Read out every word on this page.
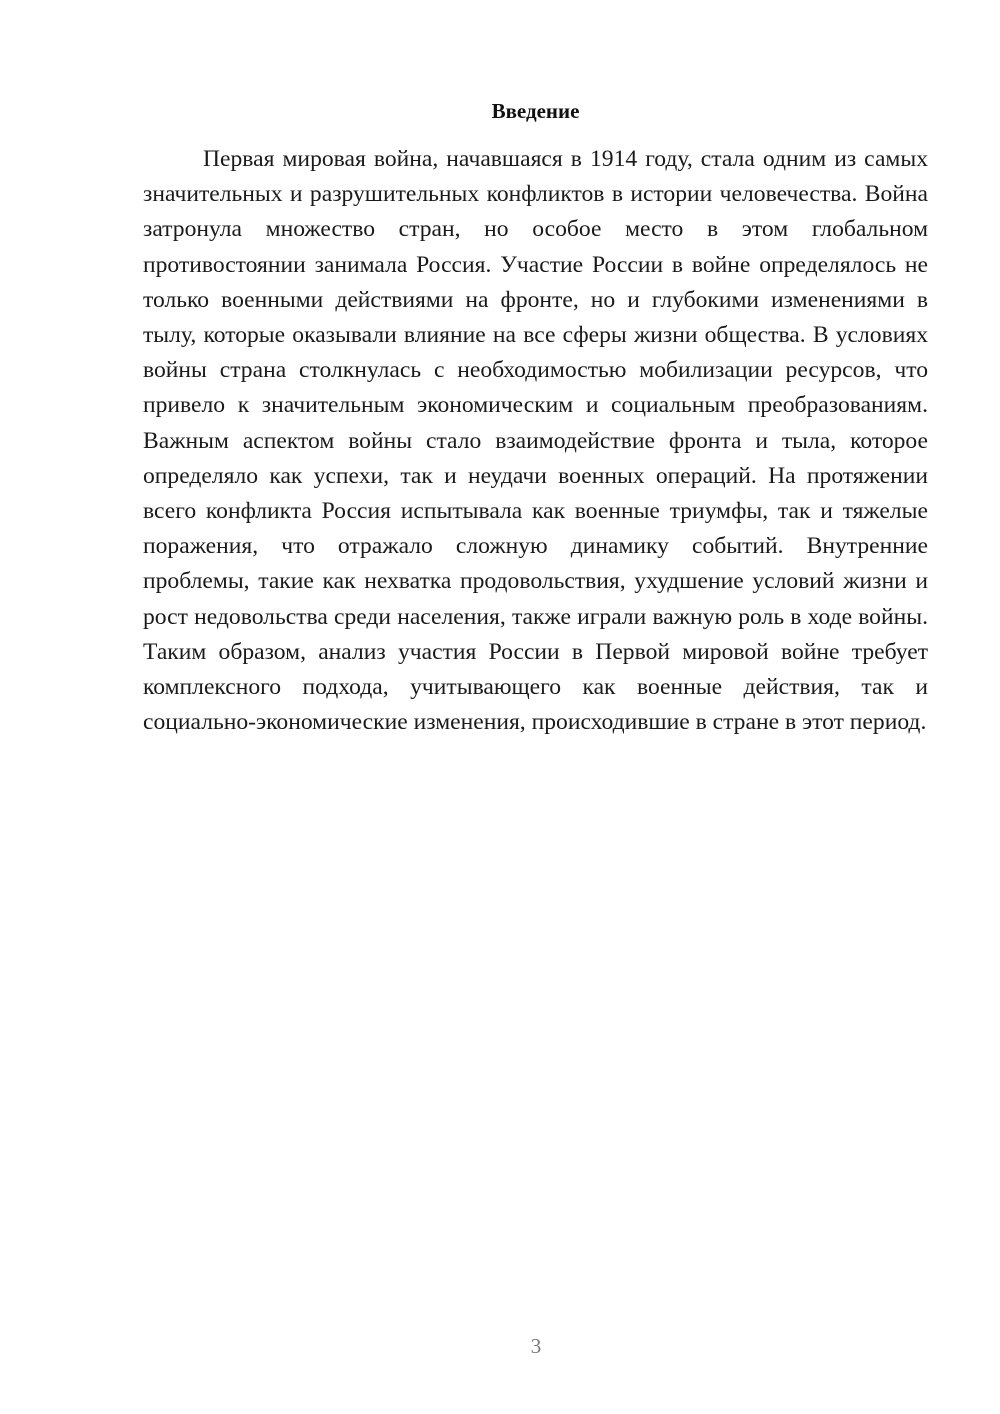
Введение

Первая мировая война, начавшаяся в 1914 году, стала одним из самых значительных и разрушительных конфликтов в истории человечества. Война затронула множество стран, но особое место в этом глобальном противостоянии занимала Россия. Участие России в войне определялось не только военными действиями на фронте, но и глубокими изменениями в тылу, которые оказывали влияние на все сферы жизни общества. В условиях войны страна столкнулась с необходимостью мобилизации ресурсов, что привело к значительным экономическим и социальным преобразованиям. Важным аспектом войны стало взаимодействие фронта и тыла, которое определяло как успехи, так и неудачи военных операций. На протяжении всего конфликта Россия испытывала как военные триумфы, так и тяжелые поражения, что отражало сложную динамику событий. Внутренние проблемы, такие как нехватка продовольствия, ухудшение условий жизни и рост недовольства среди населения, также играли важную роль в ходе войны. Таким образом, анализ участия России в Первой мировой войне требует комплексного подхода, учитывающего как военные действия, так и социально-экономические изменения, происходившие в стране в этот период.

3
